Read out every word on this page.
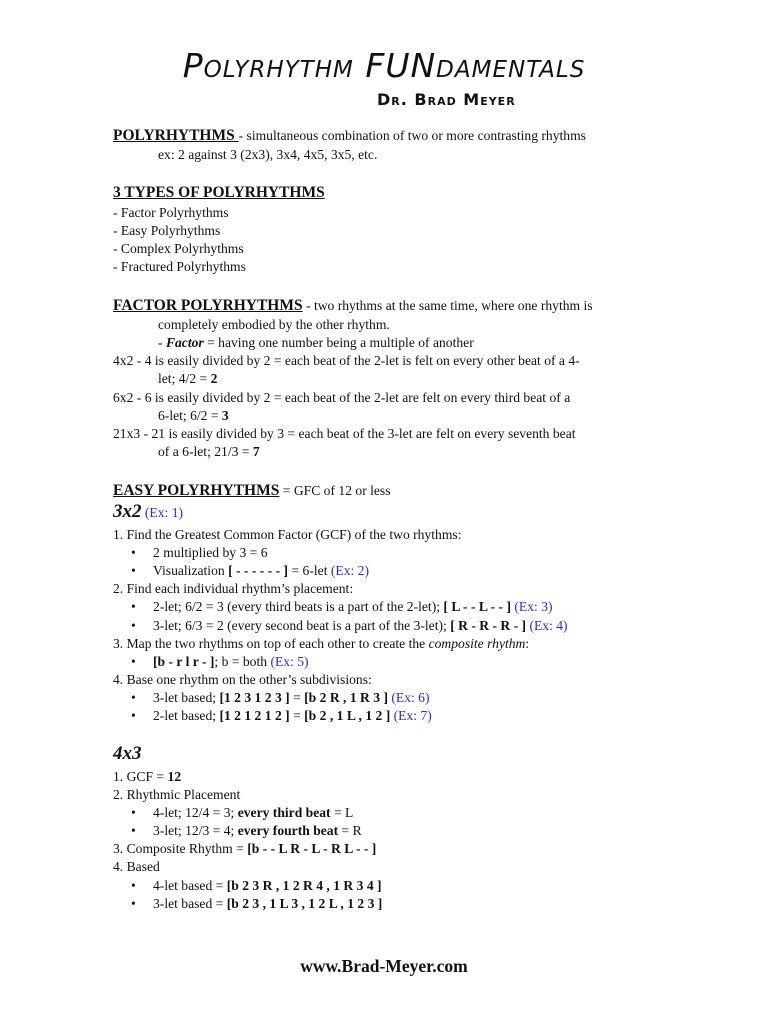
Polyrhythm FUNdamentals
Dr. Brad Meyer
POLYRHYTHMS - simultaneous combination of two or more contrasting rhythms
ex: 2 against 3 (2x3), 3x4, 4x5, 3x5, etc.
3 TYPES OF POLYRHYTHMS
- Factor Polyrhythms
- Easy Polyrhythms
- Complex Polyrhythms
- Fractured Polyrhythms
FACTOR POLYRHYTHMS - two rhythms at the same time, where one rhythm is
completely embodied by the other rhythm.
- Factor = having one number being a multiple of another
4x2 - 4 is easily divided by 2 = each beat of the 2-let is felt on every other beat of a 4-
let; 4/2 = 2
6x2 - 6 is easily divided by 2 = each beat of the 2-let are felt on every third beat of a
6-let; 6/2 = 3
21x3 - 21 is easily divided by 3 = each beat of the 3-let are felt on every seventh beat
of a 6-let; 21/3 = 7
EASY POLYRHYTHMS = GFC of 12 or less
3x2 (Ex: 1)
1. Find the Greatest Common Factor (GCF) of the two rhythms:
• 2 multiplied by 3 = 6
• Visualization [ - - - - - - ] = 6-let (Ex: 2)
2. Find each individual rhythm’s placement:
• 2-let; 6/2 = 3 (every third beats is a part of the 2-let); [ L - - L - - ] (Ex: 3)
• 3-let; 6/3 = 2 (every second beat is a part of the 3-let); [ R - R - R - ] (Ex: 4)
3. Map the two rhythms on top of each other to create the composite rhythm:
• [b - r l r - ]; b = both (Ex: 5)
4. Base one rhythm on the other’s subdivisions:
• 3-let based; [1 2 3 1 2 3 ] = [b 2 R , 1 R 3 ] (Ex: 6)
• 2-let based; [1 2 1 2 1 2 ] = [b 2 , 1 L , 1 2 ] (Ex: 7)
4x3
1. GCF = 12
2. Rhythmic Placement
• 4-let; 12/4 = 3; every third beat = L
• 3-let; 12/3 = 4; every fourth beat = R
3. Composite Rhythm = [b - - L R - L - R L - - ]
4. Based
• 4-let based = [b 2 3 R , 1 2 R 4 , 1 R 3 4 ]
• 3-let based = [b 2 3 , 1 L 3 , 1 2 L , 1 2 3 ]
www.Brad-Meyer.com
